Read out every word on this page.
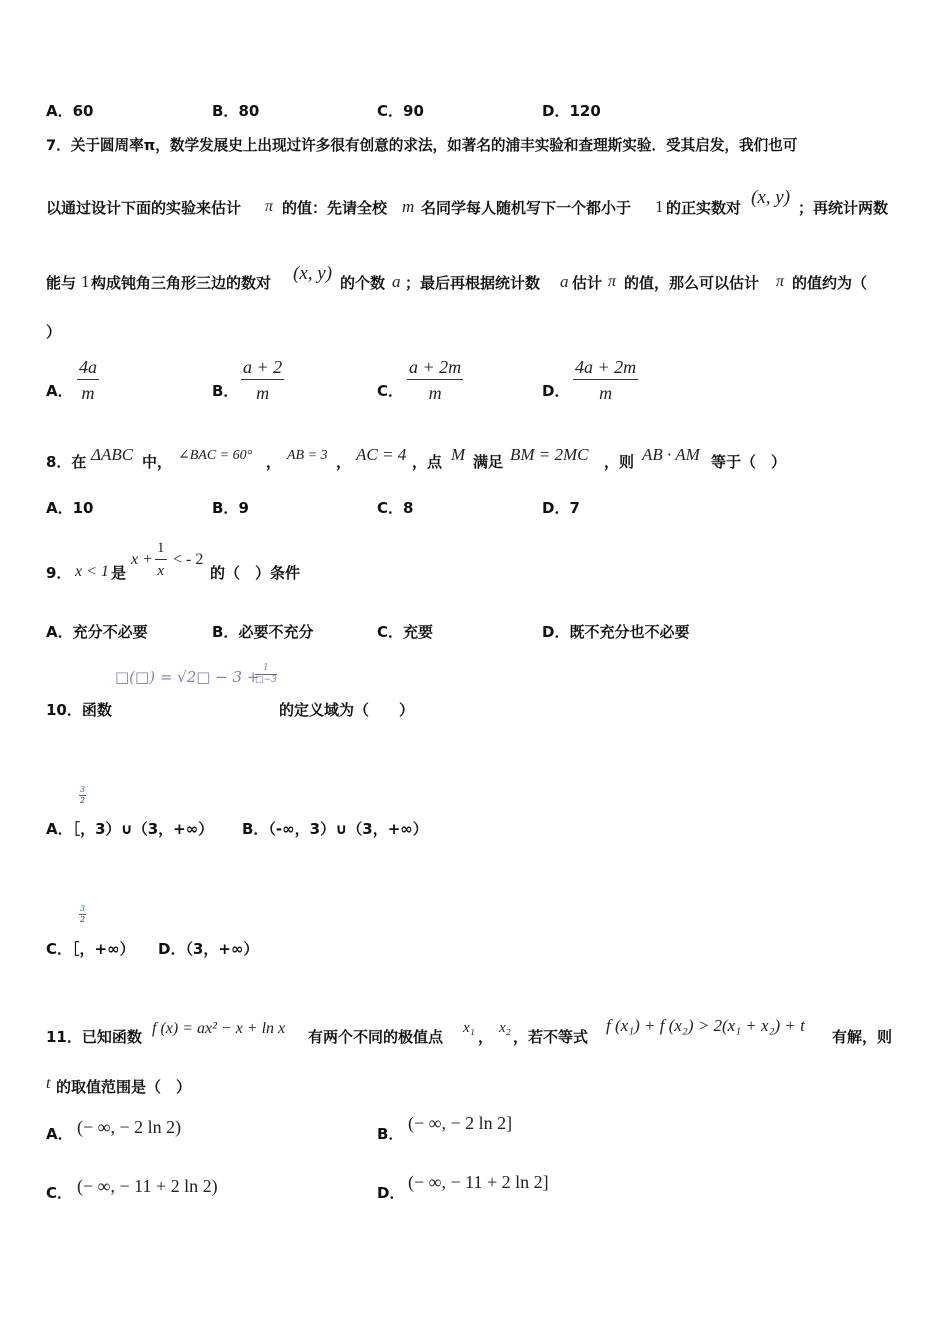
A．60	B．80	C．90	D．120
7．关于圆周率π，数学发展史上出现过许多很有创意的求法，如著名的浦丰实验和查理斯实验．受其启发，我们也可
以通过设计下面的实验来估计 π 的值：先请全校 m 名同学每人随机写下一个都小于 1 的正实数对 (x, y) ；再统计两数
能与 1 构成钝角三角形三边的数对 (x, y) 的个数 a ；最后再根据统计数 a 估计 π 的值，那么可以估计 π 的值约为（
）
A． $\frac{4a}{m}$	B． $\frac{a + 2}{m}$	C． $\frac{a + 2m}{m}$	D． $\frac{4a + 2m}{m}$
8．在 ΔABC 中， ∠BAC = 60° ， AB = 3 ， AC = 4 ，点 M 满足 BM = 2MC ，则 AB · AM 等于（　）
A．10	B．9	C．8	D．7
9． x < 1 是
$x + \frac{1}{x}$ < - 2
的（　）条件
A．充分不必要	B．必要不充分	C．充要	D．既不充分也不必要
□(□) = √2□ − 3 + 1
□−3
10．函数	的定义域为（　　）
3
2
A．［，3）∪（3，+∞） B．（-∞，3）∪（3，+∞）
3
2
C．［，+∞） D．（3，+∞）
11．已知函数 f (x) = ax² − x + ln x 有两个不同的极值点 x₁ ， x₂ ，若不等式
f (x₁) + f (x₂) > 2(x₁ + x₂) + t
有解，则
t 的取值范围是（　）
A． (− ∞, − 2 ln 2)	B．
(− ∞, − 2 ln 2]
C． (− ∞, − 11 + 2 ln 2)	D．
(− ∞, − 11 + 2 ln 2]
